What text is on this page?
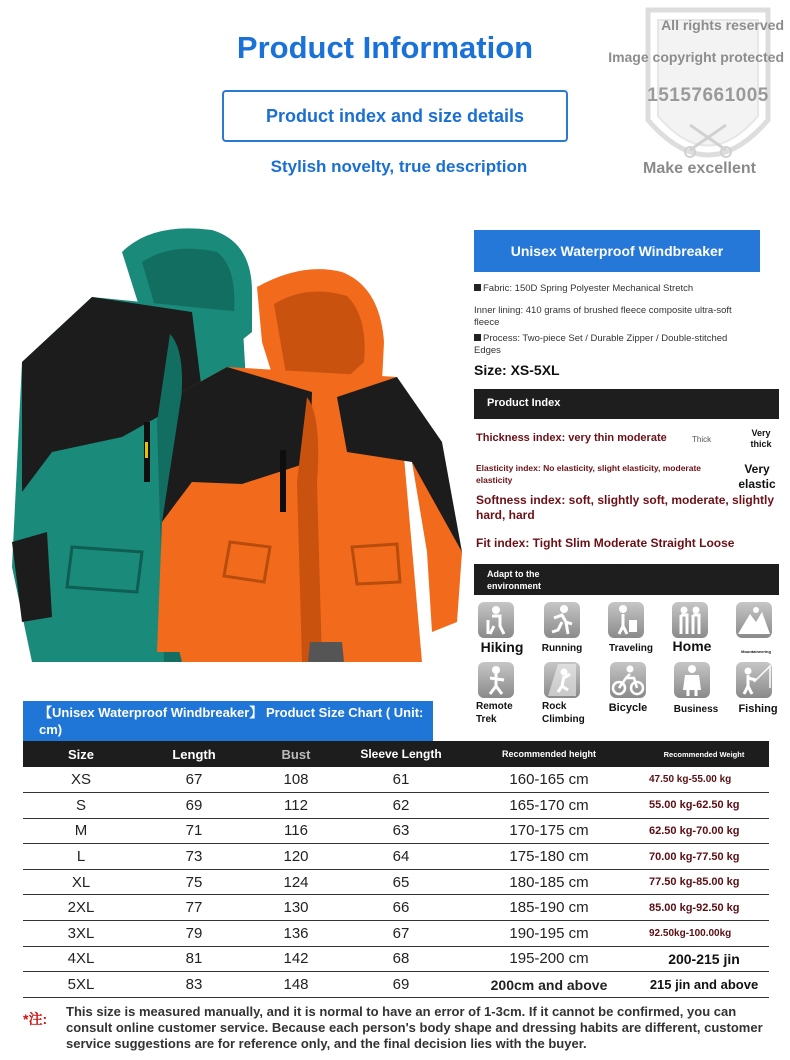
Product Information
Product index and size details
Stylish novelty, true description
All rights reserved
Image copyright protected
15157661005
Make excellent
Unisex Waterproof Windbreaker
Fabric: 150D Spring Polyester Mechanical Stretch
Inner lining: 410 grams of brushed fleece composite ultra-soft fleece
Process: Two-piece Set / Durable Zipper / Double-stitched Edges
Size: XS-5XL
Product Index
Thickness index: very thin moderate	Thick
Very thick
Elasticity index: No elasticity, slight elasticity, moderate elasticity
Very elastic
Softness index: soft, slightly soft, moderate, slightly hard, hard
Fit index: Tight Slim Moderate Straight Loose
Adapt to the environment
Hiking	Running	Traveling	Home	Mountaineering
Remote Trek
Rock Climbing
Bicycle	Business	Fishing
【Unisex Waterproof Windbreaker】 Product Size Chart ( Unit: cm)
Size	Length	Bust	Sleeve Length	Recommended height	Recommended Weight
XS	67	108	61	160-165 cm	47.50 kg-55.00 kg
S	69	112	62	165-170 cm	55.00 kg-62.50 kg
M	71	116	63	170-175 cm	62.50 kg-70.00 kg
L	73	120	64	175-180 cm	70.00 kg-77.50 kg
XL	75	124	65	180-185 cm	77.50 kg-85.00 kg
2XL	77	130	66	185-190 cm	85.00 kg-92.50 kg
3XL	79	136	67	190-195 cm	92.50kg-100.00kg
4XL	81	142	68	195-200 cm	200-215 jin
5XL	83	148	69	200cm and above	215 jin and above
*注: This size is measured manually, and it is normal to have an error of 1-3cm. If it cannot be confirmed, you can consult online customer service. Because each person's body shape and dressing habits are different, customer service suggestions are for reference only, and the final decision lies with the buyer.
